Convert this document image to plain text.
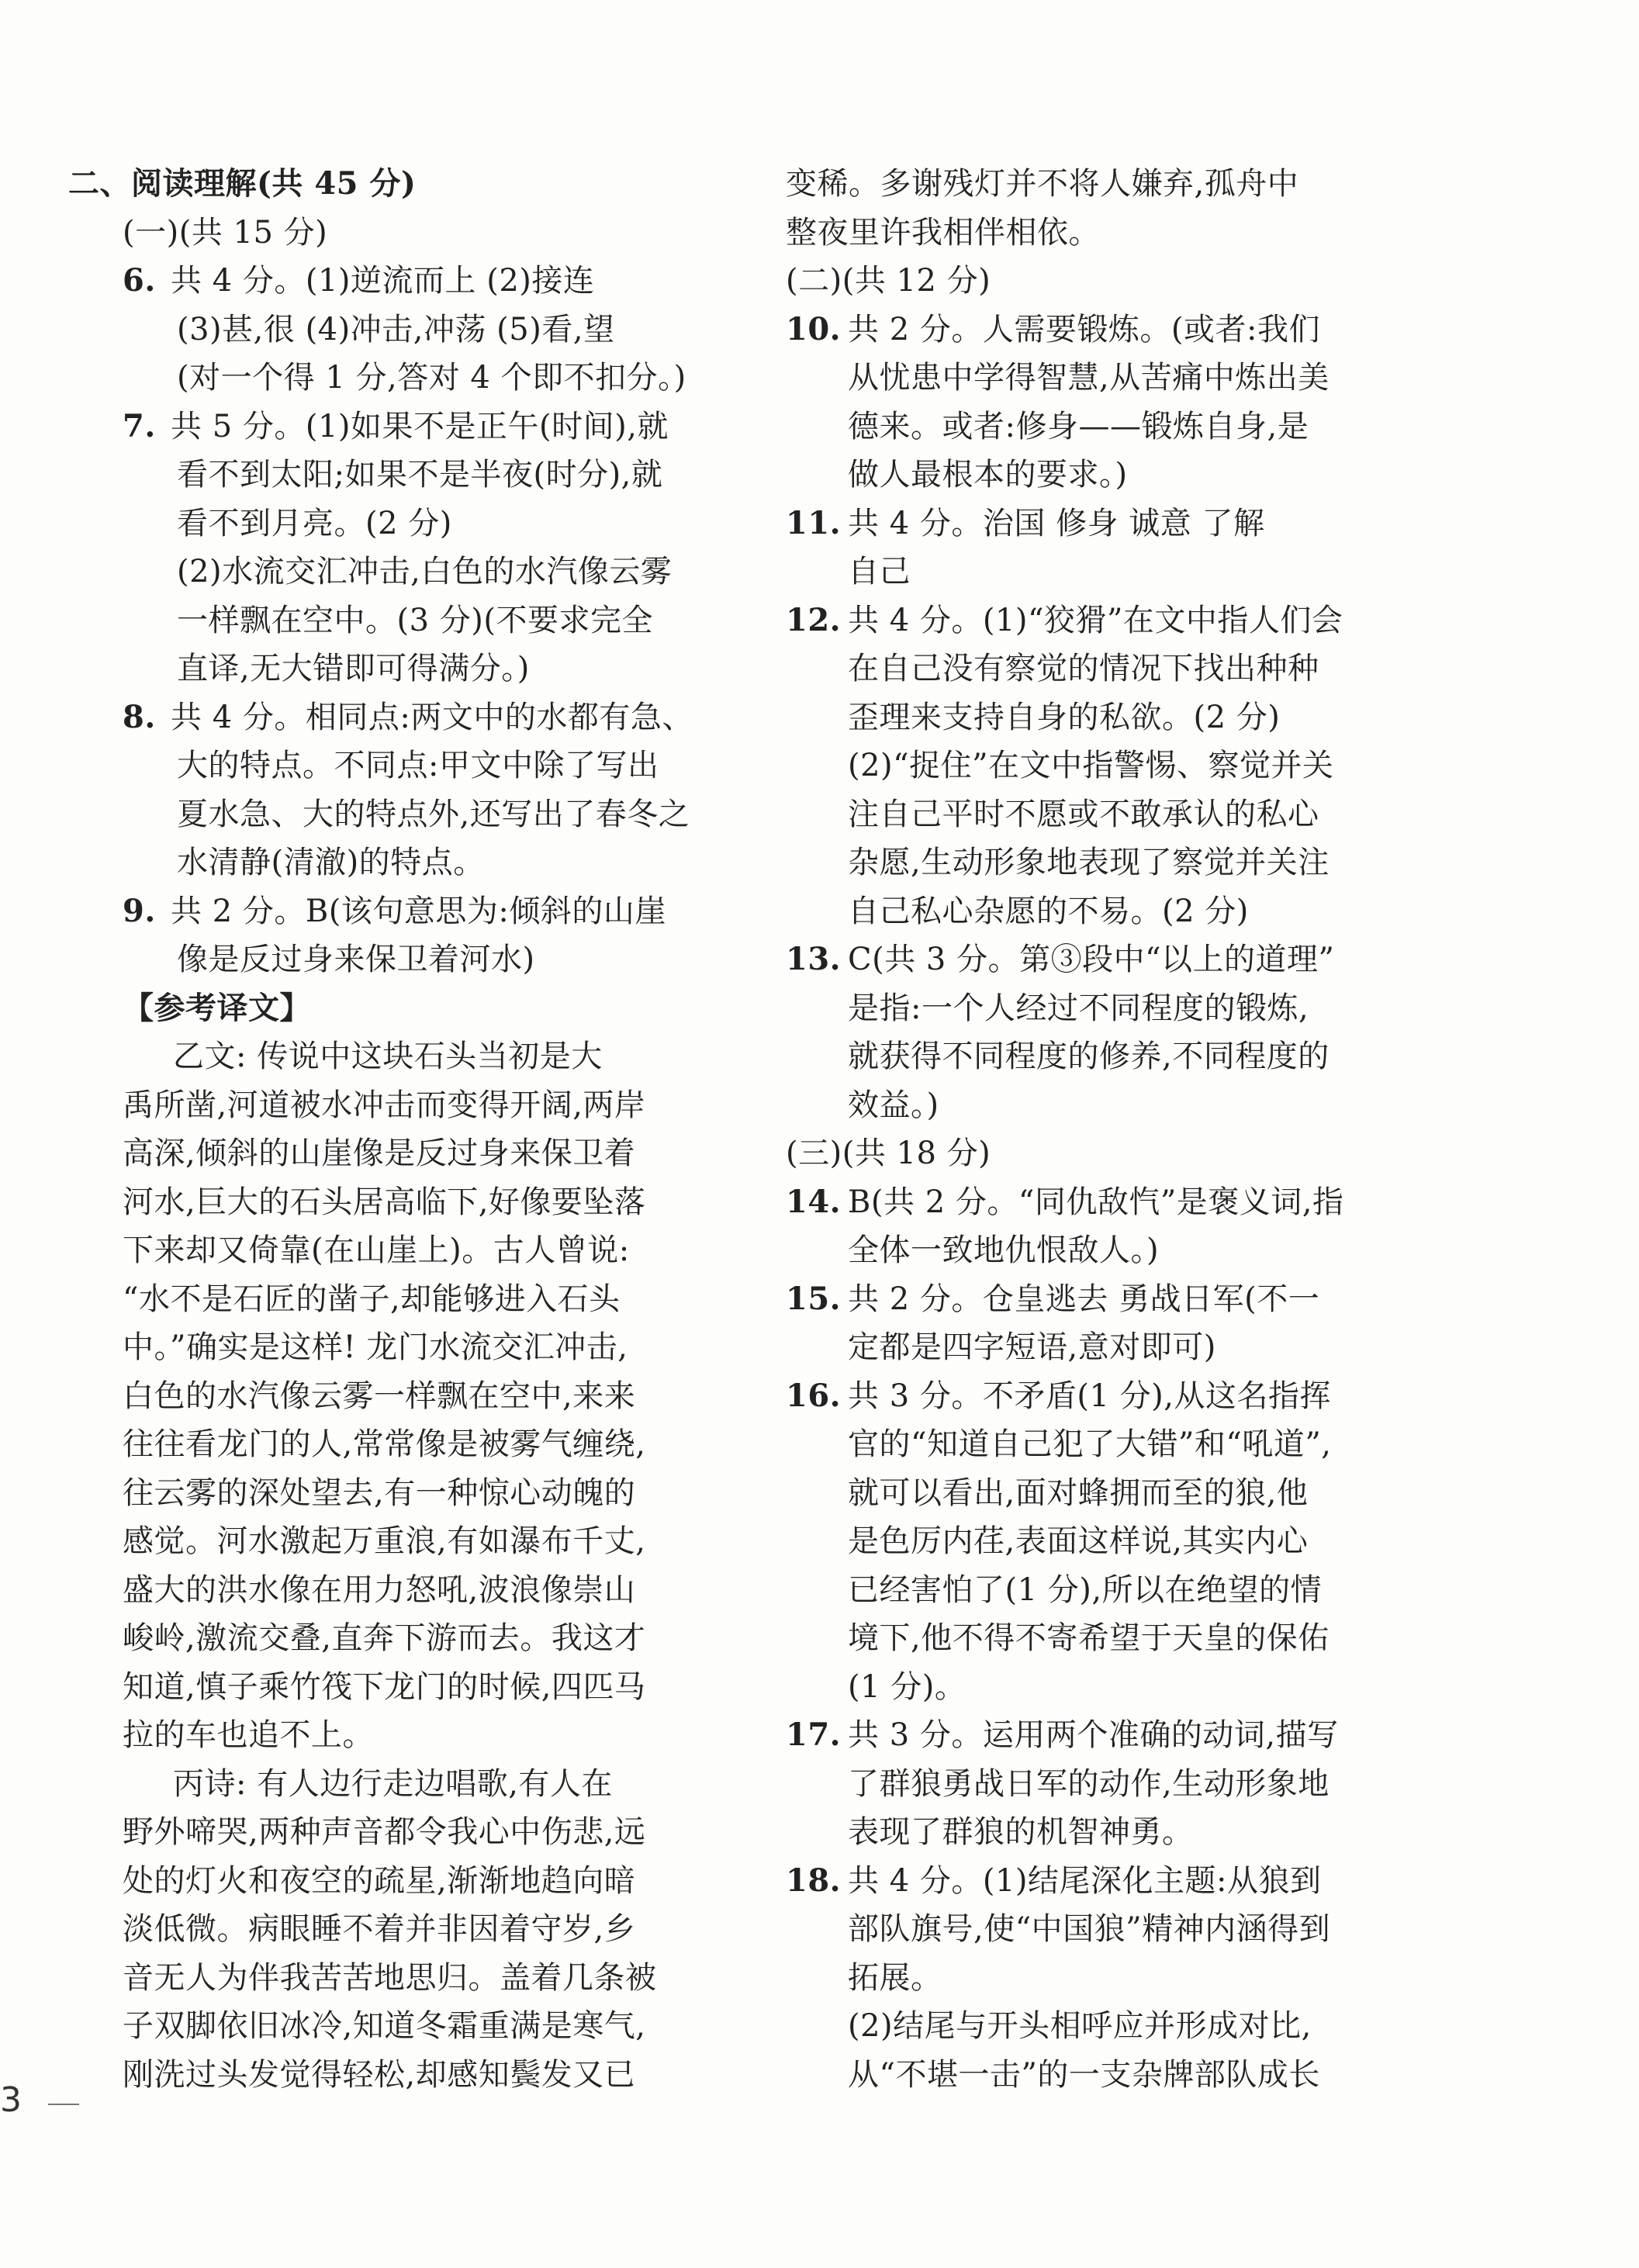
二、阅读理解(共 45 分)
(一)(共 15 分)
6. 共 4 分。(1)逆流而上 (2)接连
(3)甚,很 (4)冲击,冲荡 (5)看,望
(对一个得 1 分,答对 4 个即不扣分。)
7. 共 5 分。(1)如果不是正午(时间),就
看不到太阳;如果不是半夜(时分),就
看不到月亮。(2 分)
(2)水流交汇冲击,白色的水汽像云雾
一样飘在空中。(3 分)(不要求完全
直译,无大错即可得满分。)
8. 共 4 分。相同点:两文中的水都有急、
大的特点。不同点:甲文中除了写出
夏水急、大的特点外,还写出了春冬之
水清静(清澈)的特点。
9. 共 2 分。B(该句意思为:倾斜的山崖
像是反过身来保卫着河水)
【参考译文】
乙文: 传说中这块石头当初是大
禹所凿,河道被水冲击而变得开阔,两岸
高深,倾斜的山崖像是反过身来保卫着
河水,巨大的石头居高临下,好像要坠落
下来却又倚靠(在山崖上)。古人曾说:
“水不是石匠的凿子,却能够进入石头
中。”确实是这样! 龙门水流交汇冲击,
白色的水汽像云雾一样飘在空中,来来
往往看龙门的人,常常像是被雾气缠绕,
往云雾的深处望去,有一种惊心动魄的
感觉。河水激起万重浪,有如瀑布千丈,
盛大的洪水像在用力怒吼,波浪像崇山
峻岭,激流交叠,直奔下游而去。我这才
知道,慎子乘竹筏下龙门的时候,四匹马
拉的车也追不上。
丙诗: 有人边行走边唱歌,有人在
野外啼哭,两种声音都令我心中伤悲,远
处的灯火和夜空的疏星,渐渐地趋向暗
淡低微。病眼睡不着并非因着守岁,乡
音无人为伴我苦苦地思归。盖着几条被
子双脚依旧冰冷,知道冬霜重满是寒气,
刚洗过头发觉得轻松,却感知鬓发又已
变稀。多谢残灯并不将人嫌弃,孤舟中
整夜里许我相伴相依。
(二)(共 12 分)
10. 共 2 分。人需要锻炼。(或者:我们
从忧患中学得智慧,从苦痛中炼出美
德来。或者:修身——锻炼自身,是
做人最根本的要求。)
11. 共 4 分。治国 修身 诚意 了解
自己
12. 共 4 分。(1)“狡猾”在文中指人们会
在自己没有察觉的情况下找出种种
歪理来支持自身的私欲。(2 分)
(2)“捉住”在文中指警惕、察觉并关
注自己平时不愿或不敢承认的私心
杂愿,生动形象地表现了察觉并关注
自己私心杂愿的不易。(2 分)
13. C(共 3 分。第③段中“以上的道理”
是指:一个人经过不同程度的锻炼,
就获得不同程度的修养,不同程度的
效益。)
(三)(共 18 分)
14. B(共 2 分。“同仇敌忾”是褒义词,指
全体一致地仇恨敌人。)
15. 共 2 分。仓皇逃去 勇战日军(不一
定都是四字短语,意对即可)
16. 共 3 分。不矛盾(1 分),从这名指挥
官的“知道自己犯了大错”和“吼道”,
就可以看出,面对蜂拥而至的狼,他
是色厉内荏,表面这样说,其实内心
已经害怕了(1 分),所以在绝望的情
境下,他不得不寄希望于天皇的保佑
(1 分)。
17. 共 3 分。运用两个准确的动词,描写
了群狼勇战日军的动作,生动形象地
表现了群狼的机智神勇。
18. 共 4 分。(1)结尾深化主题:从狼到
部队旗号,使“中国狼”精神内涵得到
拓展。
(2)结尾与开头相呼应并形成对比,
从“不堪一击”的一支杂牌部队成长
3
